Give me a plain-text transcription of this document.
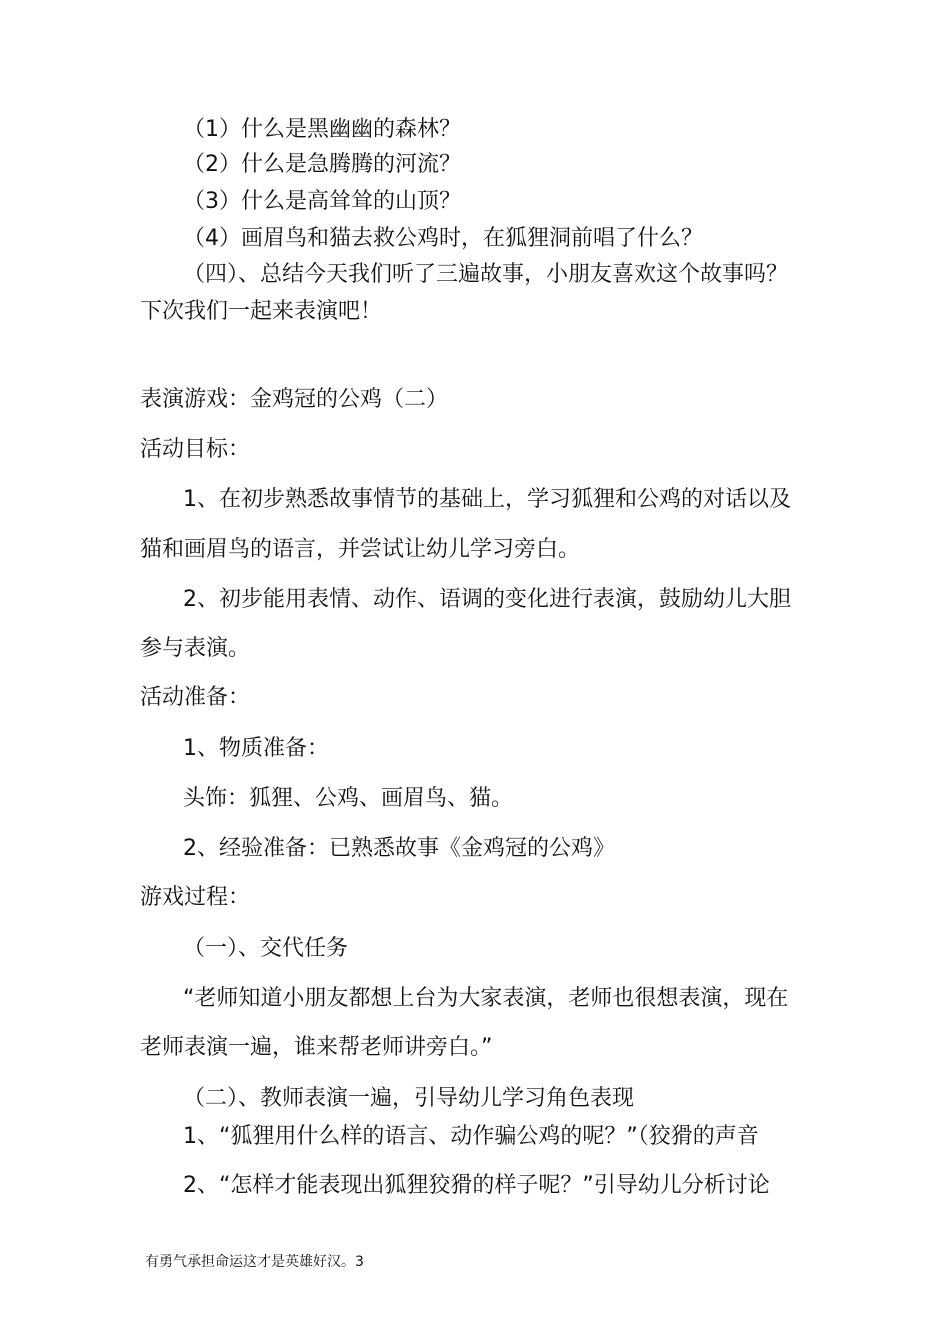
（1）什么是黑幽幽的森林？
（2）什么是急腾腾的河流？
（3）什么是高耸耸的山顶？
（4）画眉鸟和猫去救公鸡时，在狐狸洞前唱了什么？
（四）、总结今天我们听了三遍故事，小朋友喜欢这个故事吗？
下次我们一起来表演吧！
表演游戏：金鸡冠的公鸡（二）
活动目标：
1、在初步熟悉故事情节的基础上，学习狐狸和公鸡的对话以及
猫和画眉鸟的语言，并尝试让幼儿学习旁白。
2、初步能用表情、动作、语调的变化进行表演，鼓励幼儿大胆
参与表演。
活动准备：
1、物质准备：
头饰：狐狸、公鸡、画眉鸟、猫。
2、经验准备：已熟悉故事《金鸡冠的公鸡》
游戏过程：
（一）、交代任务
“老师知道小朋友都想上台为大家表演，老师也很想表演，现在
老师表演一遍，谁来帮老师讲旁白。”
（二）、教师表演一遍，引导幼儿学习角色表现
1、“狐狸用什么样的语言、动作骗公鸡的呢？”（狡猾的声音
2、“怎样才能表现出狐狸狡猾的样子呢？”引导幼儿分析讨论
有勇气承担命运这才是英雄好汉。3
